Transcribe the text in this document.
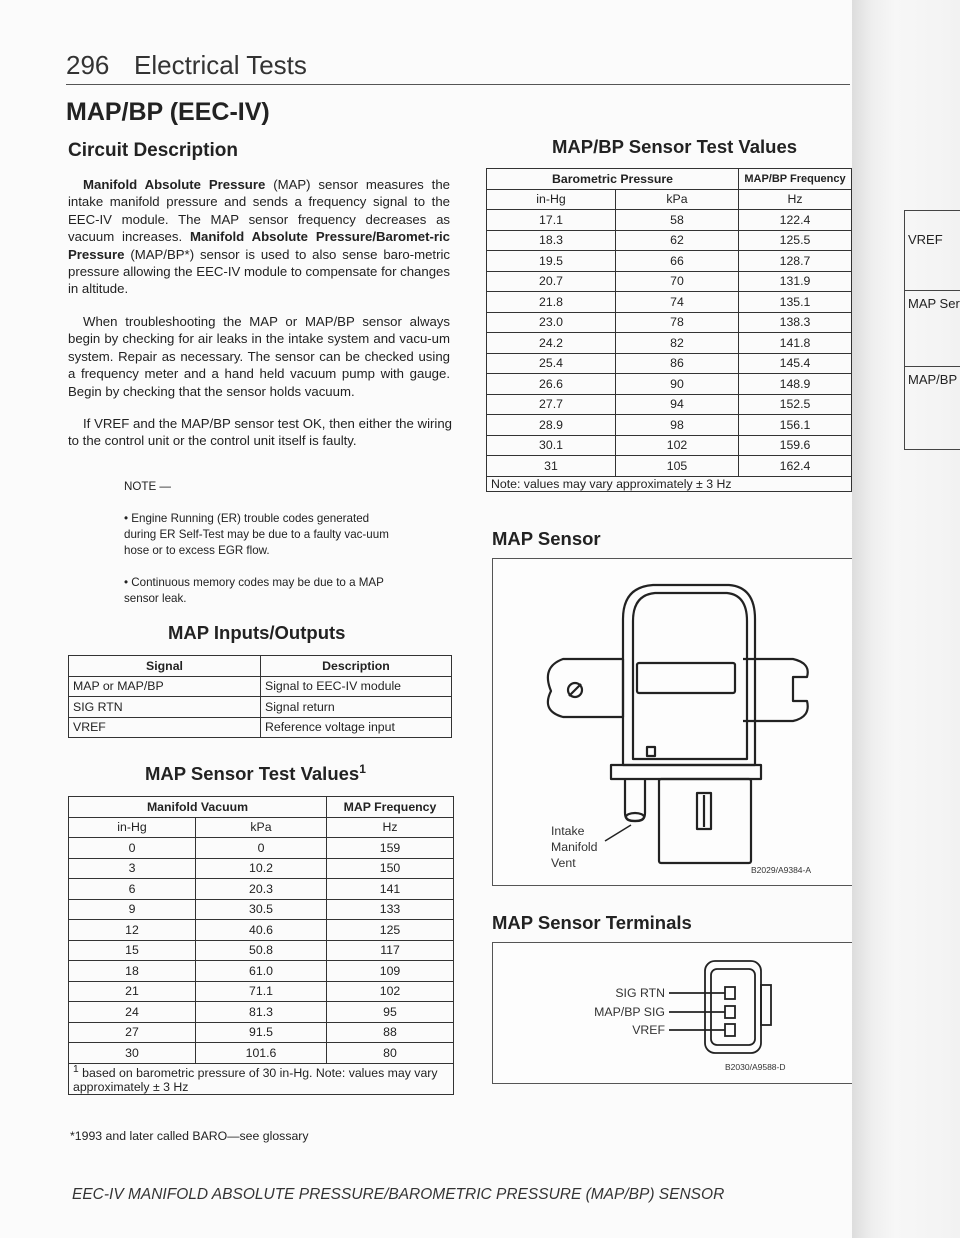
296 Electrical Tests
MAP/BP (EEC-IV)
Circuit Description
Manifold Absolute Pressure (MAP) sensor measures the intake manifold pressure and sends a frequency signal to the EEC-IV module. The MAP sensor frequency decreases as vacuum increases. Manifold Absolute Pressure/Baromet-ric Pressure (MAP/BP*) sensor is used to also sense baro-metric pressure allowing the EEC-IV module to compensate for changes in altitude.
When troubleshooting the MAP or MAP/BP sensor always begin by checking for air leaks in the intake system and vacu-um system. Repair as necessary. The sensor can be checked using a frequency meter and a hand held vacuum pump with gauge. Begin by checking that the sensor holds vacuum.
If VREF and the MAP/BP sensor test OK, then either the wiring to the control unit or the control unit itself is faulty.

NOTE —

• Engine Running (ER) trouble codes generated during ER Self-Test may be due to a faulty vac-uum hose or to excess EGR flow.

• Continuous memory codes may be due to a MAP sensor leak.

MAP Inputs/Outputs
Signal	Description
MAP or MAP/BP	Signal to EEC-IV module
SIG RTN	Signal return
VREF	Reference voltage input
MAP Sensor Test Values$^1$
Manifold Vacuum		MAP Frequency
in-Hg	kPa	Hz
0	0	159
3	10.2	150
6	20.3	141
9	30.5	133
12	40.6	125
15	50.8	117
18	61.0	109
21	71.1	102
24	81.3	95
27	91.5	88
30	101.6	80
$^1$ based on barometric pressure of 30 in-Hg. Note: values may vary approximately ± 3 Hz		
MAP/BP Sensor Test Values
Barometric Pressure		MAP/BP Frequency
in-Hg	kPa	Hz
17.1	58	122.4
18.3	62	125.5
19.5	66	128.7
20.7	70	131.9
21.8	74	135.1
23.0	78	138.3
24.2	82	141.8
25.4	86	145.4
26.6	90	148.9
27.7	94	152.5
28.9	98	156.1
30.1	102	159.6
31	105	162.4
Note: values may vary approximately ± 3 Hz		
MAP Sensor
Intake
Manifold
Vent	B2029/A9384-A
MAP Sensor Terminals
SIG RTN
MAP/BP SIG
VREF
B2030/A9588-D
*1993 and later called BARO—see glossary
EEC-IV MANIFOLD ABSOLUTE PRESSURE/BAROMETRIC PRESSURE (MAP/BP) SENSOR
VREF
MAP Ser
MAP/BP
